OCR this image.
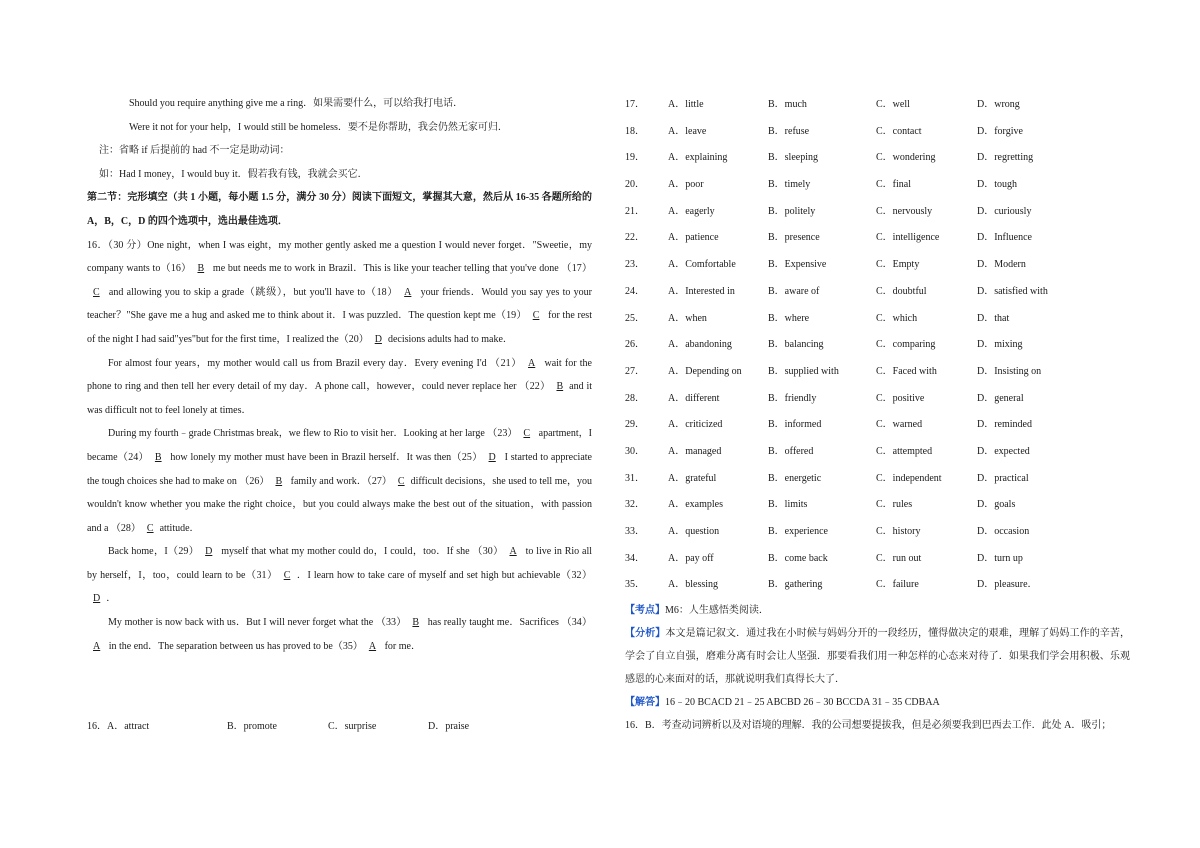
Should you require anything give me a ring．如果需要什么，可以给我打电话．

Were it not for your help，I would still be homeless．要不是你帮助，我会仍然无家可归．

注：省略 if 后提前的 had 不一定是助动词：

如：Had I money，I would buy it．假若我有钱，我就会买它．

第二节：完形填空（共 1 小题，每小题 1.5 分，满分 30 分）阅读下面短文，掌握其大意，然后从 16-35 各题所给的 A，B，C，D 的四个选项中，选出最佳选项．

16．（30 分）One night，when I was eight，my mother gently asked me a question I would never forget．"Sweetie，my company wants to（16） B me but needs me to work in Brazil．This is like your teacher telling that you've done （17）C and allowing you to skip a grade（跳级），but you'll have to（18） A your friends．Would you say yes to your teacher？"She gave me a hug and asked me to think about it．I was puzzled．The question kept me（19） C for the rest of the night I had said"yes"but for the first time，I realized the（20） D decisions adults had to make．

For almost four years，my mother would call us from Brazil every day．Every evening I'd （21） A wait for the phone to ring and then tell her every detail of my day．A phone call，however，could never replace her （22） B and it was difficult not to feel lonely at times．

During my fourth﹣grade Christmas break，we flew to Rio to visit her．Looking at her large （23） C apartment，I became（24） B how lonely my mother must have been in Brazil herself．It was then（25） D I started to appreciate the tough choices she had to make on （26） B family and work．（27） C difficult decisions，she used to tell me，you wouldn't know whether you make the right choice，but you could always make the best out of the situation，with passion and a （28） C attitude．

Back home，I（29） D myself that what my mother could do，I could，too．If she （30） A to live in Rio all by herself，I，too，could learn to be（31） C ．I learn how to take care of myself and set high but achievable（32）D ．

My mother is now back with us．But I will never forget what the （33） B has really taught me．Sacrifices （34）A in the end．The separation between us has proved to be（35） A for me．

16．A．attract	B．promote	C．surprise	D．praise
17．	A．little	B．much	C．well	D．wrong
18．	A．leave	B．refuse	C．contact	D．forgive
19．	A．explaining	B．sleeping	C．wondering	D．regretting
20．	A．poor	B．timely	C．final	D．tough
21．	A．eagerly	B．politely	C．nervously	D．curiously
22．	A．patience	B．presence	C．intelligence	D．Influence
23．	A．Comfortable	B．Expensive	C．Empty	D．Modern
24．	A．Interested in	B．aware of	C．doubtful	D．satisfied with
25．	A．when	B．where	C．which	D．that
26．	A．abandoning	B．balancing	C．comparing	D．mixing
27．	A．Depending on	B．supplied with	C．Faced with	D．Insisting on
28．	A．different	B．friendly	C．positive	D．general
29．	A．criticized	B．informed	C．warned	D．reminded
30．	A．managed	B．offered	C．attempted	D．expected
31．	A．grateful	B．energetic	C．independent	D．practical
32．	A．examples	B．limits	C．rules	D．goals
33．	A．question	B．experience	C．history	D．occasion
34．	A．pay off	B．come back	C．run out	D．turn up
35．	A．blessing	B．gathering	C．failure	D．pleasure．

【考点】M6：人生感悟类阅读．

【分析】本文是篇记叙文．通过我在小时候与妈妈分开的一段经历，懂得做决定的艰难，理解了妈妈工作的辛苦，学会了自立自强，磨难分离有时会让人坚强．那要看我们用一种怎样的心态来对待了．如果我们学会用积极、乐观感恩的心来面对的话，那就说明我们真得长大了．

【解答】16﹣20 BCACD 21﹣25 ABCBD 26﹣30 BCCDA 31﹣35 CDBAA

16．B．考查动词辨析以及对语境的理解．我的公司想要提拔我，但是必须要我到巴西去工作．此处 A．吸引；
